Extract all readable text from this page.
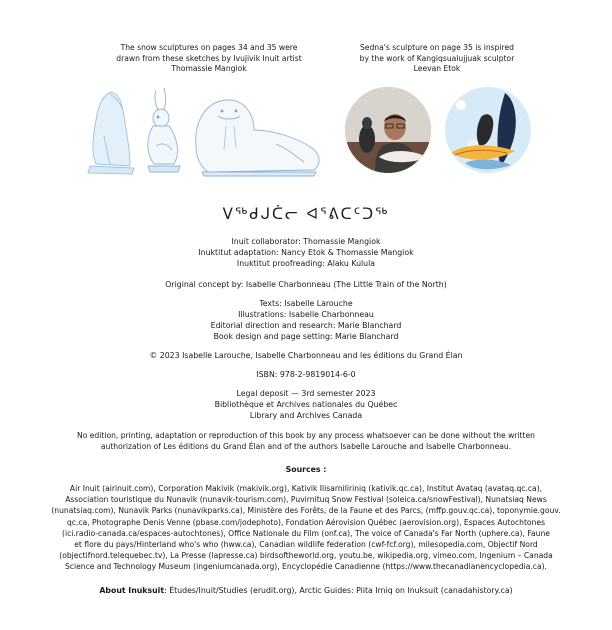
The snow sculptures on pages 34 and 35 were
drawn from these sketches by Ivujivik Inuit artist
Thomassie Mangiok
Sedna's sculpture on page 35 is inspired
by the work of Kangiqsualujjuak sculptor
Leevan Etok
ᐯᖅᑯᒍᑖᓕ ᐊᕐᕕᑕᑦᑐᖅ
Inuit collaborator: Thomassie Mangiok
Inuktitut adaptation: Nancy Etok & Thomassie Mangiok
Inuktitut proofreading: Alaku Kulula
Original concept by: Isabelle Charbonneau (The Little Train of the North)
Texts: Isabelle Larouche
Illustrations: Isabelle Charbonneau
Editorial direction and research: Marie Blanchard
Book design and page setting: Marie Blanchard
© 2023 Isabelle Larouche, Isabelle Charbonneau and les éditions du Grand Élan
ISBN: 978-2-9819014-6-0
Legal deposit — 3rd semester 2023
Bibliothèque et Archives nationales du Québec
Library and Archives Canada
No edition, printing, adaptation or reproduction of this book by any process whatsoever can be done without the written
authorization of Les éditions du Grand Élan and of the authors Isabelle Larouche and Isabelle Charbonneau.
Sources :
Air Inuit (airinuit.com), Corporation Makivik (makivik.org), Kativik Ilisarniliriniq (kativik.qc.ca), Institut Avataq (avataq.qc.ca),
Association touristique du Nunavik (nunavik-tourism.com), Puvirnituq Snow Festival (soleica.ca/snowFestival), Nunatsiaq News
(nunatsiaq.com), Nunavik Parks (nunavikparks.ca), Ministère des Forêts, de la Faune et des Parcs, (mffp.gouv.qc.ca), toponymie.gouv.
qc.ca, Photographe Denis Venne (pbase.com/jodephoto), Fondation Aérovision Québec (aerovision.org), Espaces Autochtones
(ici.radio-canada.ca/espaces-autochtones), Office Nationale du Film (onf.ca), The voice of Canada's Far North (uphere.ca), Faune
et flore du pays/Hinterland who's who (hww.ca), Canadian wildlife federation (cwf-fcf.org), milesopedia.com, Objectif Nord
(objectifnord.telequebec.tv), La Presse (lapresse.ca) birdsoftheworld.org, youtu.be, wikipedia.org, vimeo.com, Ingenium – Canada
Science and Technology Museum (ingeniumcanada.org), Encyclopédie Canadienne (https://www.thecanadianencyclopedia.ca).
About Inuksuit: Études/Inuit/Studies (erudit.org), Arctic Guides: Piita Irniq on Inuksuit (canadahistory.ca)
